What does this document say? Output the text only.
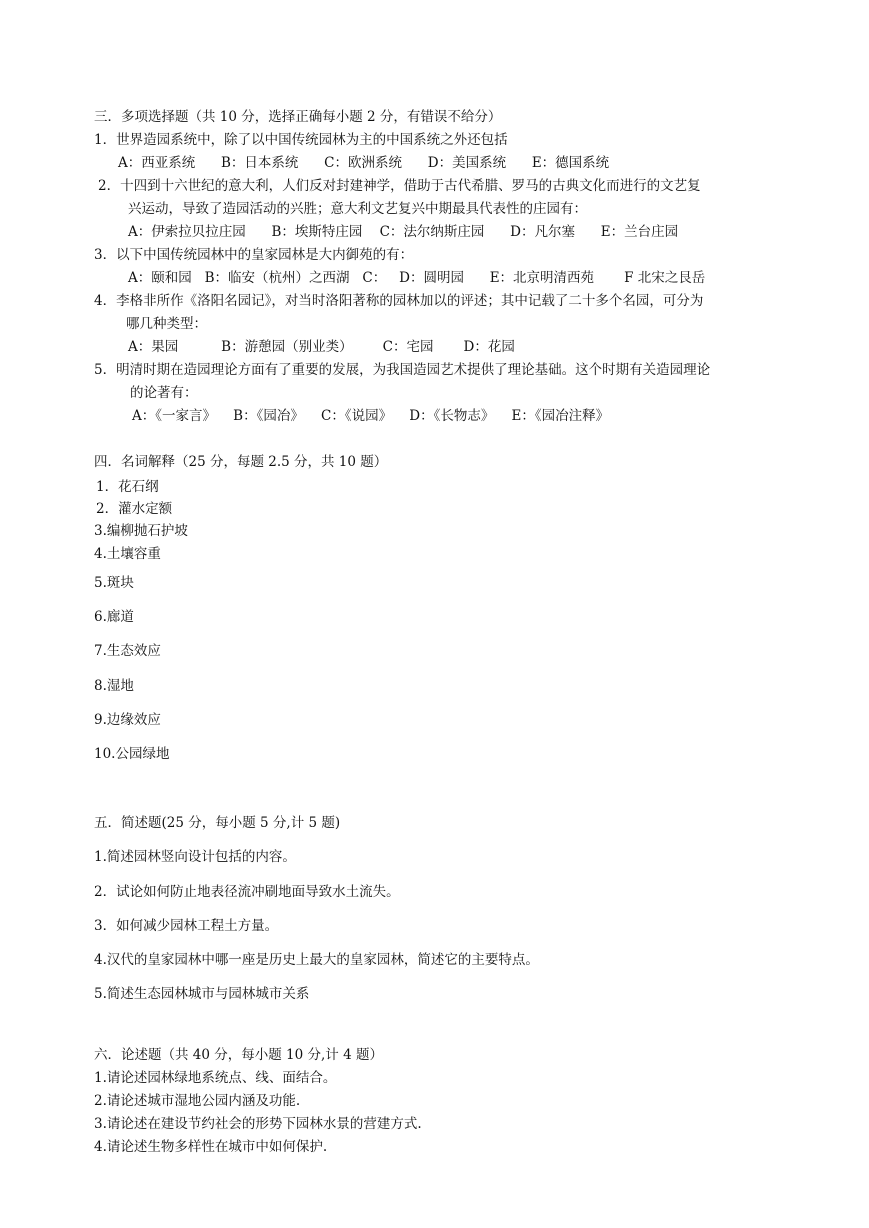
三．多项选择题（共 10 分，选择正确每小题 2 分，有错误不给分）
1．世界造园系统中，除了以中国传统园林为主的中国系统之外还包括
A：西亚系统      B：日本系统      C：欧洲系统      D：美国系统      E：德国系统
2．十四到十六世纪的意大利，人们反对封建神学，借助于古代希腊、罗马的古典文化而进行的文艺复
兴运动，导致了造园活动的兴胜；意大利文艺复兴中期最具代表性的庄园有：
A：伊索拉贝拉庄园      B：埃斯特庄园    C：法尔纳斯庄园      D：凡尔塞      E：兰台庄园
3．以下中国传统园林中的皇家园林是大内御苑的有：
A：颐和园   B：临安（杭州）之西湖   C：   D：圆明园      E：北京明清西苑       F 北宋之艮岳
4．李格非所作《洛阳名园记》，对当时洛阳著称的园林加以的评述；其中记载了二十多个名园，可分为
哪几种类型：
A：果园          B：游憩园（别业类）       C：宅园       D：花园
5．明清时期在造园理论方面有了重要的发展，为我国造园艺术提供了理论基础。这个时期有关造园理论
的论著有：
A：《一家言》    B：《园冶》    C：《说园》    D：《长物志》    E：《园冶注释》
四．名词解释（25 分，每题 2.5 分，共 10 题）
1．花石纲
2．灌水定额
3.编柳抛石护坡
4.土壤容重
5.斑块
6.廊道
7.生态效应
8.湿地
9.边缘效应
10.公园绿地
五．简述题(25 分，每小题 5 分,计 5 题)
1.简述园林竖向设计包括的内容。
2．试论如何防止地表径流冲刷地面导致水土流失。
3．如何减少园林工程土方量。
4.汉代的皇家园林中哪一座是历史上最大的皇家园林，简述它的主要特点。
5.简述生态园林城市与园林城市关系
六．论述题（共 40 分，每小题 10 分,计 4 题）
1.请论述园林绿地系统点、线、面结合。
2.请论述城市湿地公园内涵及功能.
3.请论述在建设节约社会的形势下园林水景的营建方式.
4.请论述生物多样性在城市中如何保护.
